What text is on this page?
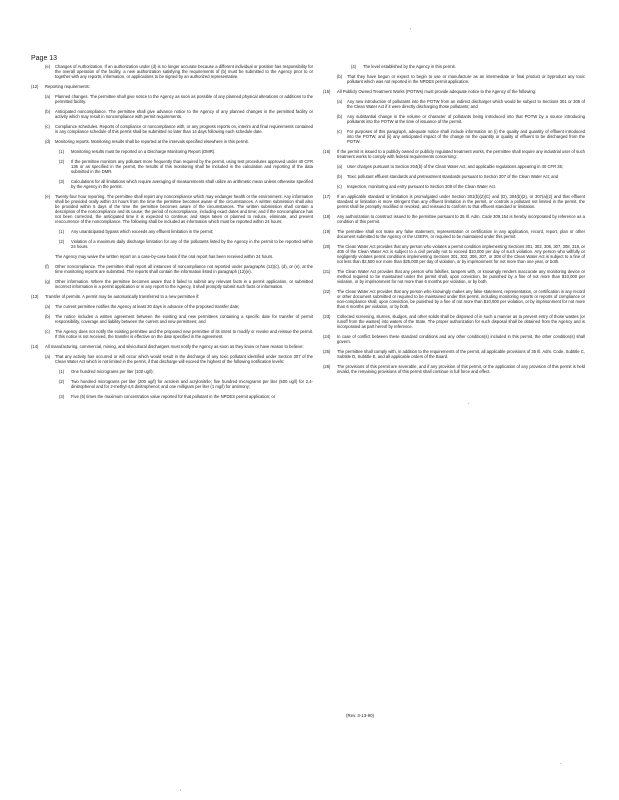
Page 13
(e) Changes of Authorization. If an authorization under (d) is no longer accurate because a different individual or position has responsibility for the overall operation of the facility, a new authorization satisfying the requirements of (b) must be submitted to the Agency prior to or together with any reports, information, or applications to be signed by an authorized representative.
(12) Reporting requirements:
(a) Planned changes. The permittee shall give notice to the Agency as soon as possible of any planned physical alterations or additions to the permitted facility.
(b) Anticipated noncompliance. The permittee shall give advance notice to the Agency of any planned changes in the permitted facility or activity which may result in noncompliance with permit requirements.
(c) Compliance schedules. Reports of compliance or noncompliance with, or any progress reports on, interim and final requirements contained in any compliance schedule of this permit shall be submitted no later than 14 days following each schedule date.
(d) Monitoring reports. Monitoring results shall be reported at the intervals specified elsewhere in this permit.
(1) Monitoring results must be reported on a Discharge Monitoring Report (DMR).
(2) If the permittee monitors any pollutant more frequently than required by the permit, using test procedures approved under 40 CFR 136 or as specified in the permit, the results of this monitoring shall be included in the calculation and reporting of the data submitted in the DMR.
(3) Calculations for all limitations which require averaging of measurements shall utilize an arithmetic mean unless otherwise specified by the Agency in the permit.
(e) Twenty-four hour reporting. The permittee shall report any noncompliance which may endanger health or the environment. Any information shall be provided orally within 24 hours from the time the permittee becomes aware of the circumstances. A written submission shall also be provided within 5 days of the time the permittee becomes aware of the circumstances. The written submission shall contain a description of the noncompliance and its cause; the period of noncompliance, including exact dates and time; and if the noncompliance has not been corrected, the anticipated time it is expected to continue; and steps taken or planned to reduce, eliminate, and prevent reoccurrence of the noncompliance. The following shall be included as information which must be reported within 24 hours:
(1) Any unanticipated bypass which exceeds any effluent limitation in the permit;
(2) Violation of a maximum daily discharge limitation for any of the pollutants listed by the Agency in the permit to be reported within 24 hours.
The Agency may waive the written report on a case-by-case basis if the oral report has been received within 24 hours.
(f) Other noncompliance. The permittee shall report all instances of noncompliance not reported under paragraphs (12)(c), (d), or (e), at the time monitoring reports are submitted. The reports shall contain the information listed in paragraph (12)(e).
(g) Other information. Where the permittee becomes aware that it failed to submit any relevant facts in a permit application, or submitted incorrect information in a permit application or in any report to the Agency, it shall promptly submit such facts or information.
(13) Transfer of permits. A permit may be automatically transferred to a new permittee if:
(a) The current permittee notifies the Agency at least 30 days in advance of the proposed transfer date;
(b) The notice includes a written agreement between the existing and new permittees containing a specific date for transfer of permit responsibility, coverage and liability between the current and new permittees; and
(c) The Agency does not notify the existing permittee and the proposed new permittee of its intent to modify or revoke and reissue the permit. If this notice is not received, the transfer is effective on the date specified in the agreement.
(14) All manufacturing, commercial, mining, and silvicultural dischargers must notify the Agency as soon as they know or have reason to believe:
(a) That any activity has occurred or will occur which would result in the discharge of any toxic pollutant identified under Section 307 of the Clean Water Act which is not limited in the permit, if that discharge will exceed the highest of the following notification levels:
(1) One hundred micrograms per liter (100 ug/l);
(2) Two hundred micrograms per liter (200 ug/l) for acrolein and acrylonitrile; five hundred micrograms per liter (500 ug/l) for 2,4-dinitrophenol and for 2-methyl-4,6 dinitrophenol; and one milligram per liter (1 mg/l) for antimony;
(3) Five (5) times the maximum concentration value reported for that pollutant in the NPDES permit application; or
(4) The level established by the Agency in this permit.
(b) That they have begun or expect to begin to use or manufacture as an intermediate or final product or byproduct any toxic pollutant which was not reported in the NPDES permit application.
(15) All Publicly Owned Treatment Works (POTWs) must provide adequate notice to the Agency of the following:
(a) Any new introduction of pollutants into the POTW from an indirect discharger which would be subject to Sections 301 or 306 of the Clean Water Act if it were directly discharging those pollutants; and
(b) Any substantial change in the volume or character of pollutants being introduced into that POTW by a source introducing pollutants into the POTW at the time of issuance of the permit.
(c) For purposes of this paragraph, adequate notice shall include information on (i) the quality and quantity of effluent introduced into the POTW, and (ii) any anticipated impact of the change on the quantity or quality of effluent to be discharged from the POTW.
(16) If the permit is issued to a publicly owned or publicly regulated treatment works, the permittee shall require any industrial user of such treatment works to comply with federal requirements concerning:
(a) User charges pursuant to Section 204(b) of the Clean Water Act, and applicable regulations appearing in 40 CFR 35;
(b) Toxic pollutant effluent standards and pretreatment standards pursuant to Section 307 of the Clean Water Act; and
(c) Inspection, monitoring and entry pursuant to Section 308 of the Clean Water Act.
(17) If an applicable standard or limitation is promulgated under Section 301(b)(2)(C) and (D), 304(b)(2), or 307(a)(2) and that effluent standard or limitation is more stringent than any effluent limitation in the permit, or controls a pollutant not limited in the permit, the permit shall be promptly modified or revoked, and reissued to conform to that effluent standard or limitation.
(18) Any authorization to construct issued to the permittee pursuant to 35 Ill. Adm. Code 309.154 is hereby incorporated by reference as a condition of this permit.
(19) The permittee shall not make any false statement, representation or certification in any application, record, report, plan or other document submitted to the Agency or the USEPA, or required to be maintained under this permit.
(20) The Clean Water Act provides that any person who violates a permit condition implementing Sections 301, 302, 306, 307, 308, 318, or 405 of the Clean Water Act is subject to a civil penalty not to exceed $10,000 per day of such violation. Any person who willfully or negligently violates permit conditions implementing Sections 301, 302, 306, 307, or 308 of the Clean Water Act is subject to a fine of not less than $2,500 nor more than $25,000 per day of violation, or by imprisonment for not more than one year, or both.
(21) The Clean Water Act provides that any person who falsifies, tampers with, or knowingly renders inaccurate any monitoring device or method required to be maintained under the permit shall, upon conviction, be punished by a fine of not more than $10,000 per violation, or by imprisonment for not more than 6 months per violation, or by both.
(22) The Clean Water Act provides that any person who knowingly makes any false statement, representation, or certification in any record or other document submitted or required to be maintained under this permit, including monitoring reports or reports of compliance or non-compliance shall, upon conviction, be punished by a fine of not more than $10,000 per violation, or by imprisonment for not more than 6 months per violation, or by both.
(23) Collected screening, slurries, sludges, and other solids shall be disposed of in such a manner as to prevent entry of those wastes (or runoff from the wastes) into waters of the State. The proper authorization for such disposal shall be obtained from the Agency and is incorporated as part hereof by reference.
(24) In case of conflict between these standard conditions and any other condition(s) included in this permit, the other condition(s) shall govern.
(25) The permittee shall comply with, in addition to the requirements of the permit, all applicable provisions of 35 Ill. Adm. Code, Subtitle C, Subtitle D, Subtitle E, and all applicable orders of the Board.
(26) The provisions of this permit are severable, and if any provision of this permit, or the application of any provision of this permit is held invalid, the remaining provisions of this permit shall continue in full force and effect.
(Rev. 3-13-90)
,
.
'
.
